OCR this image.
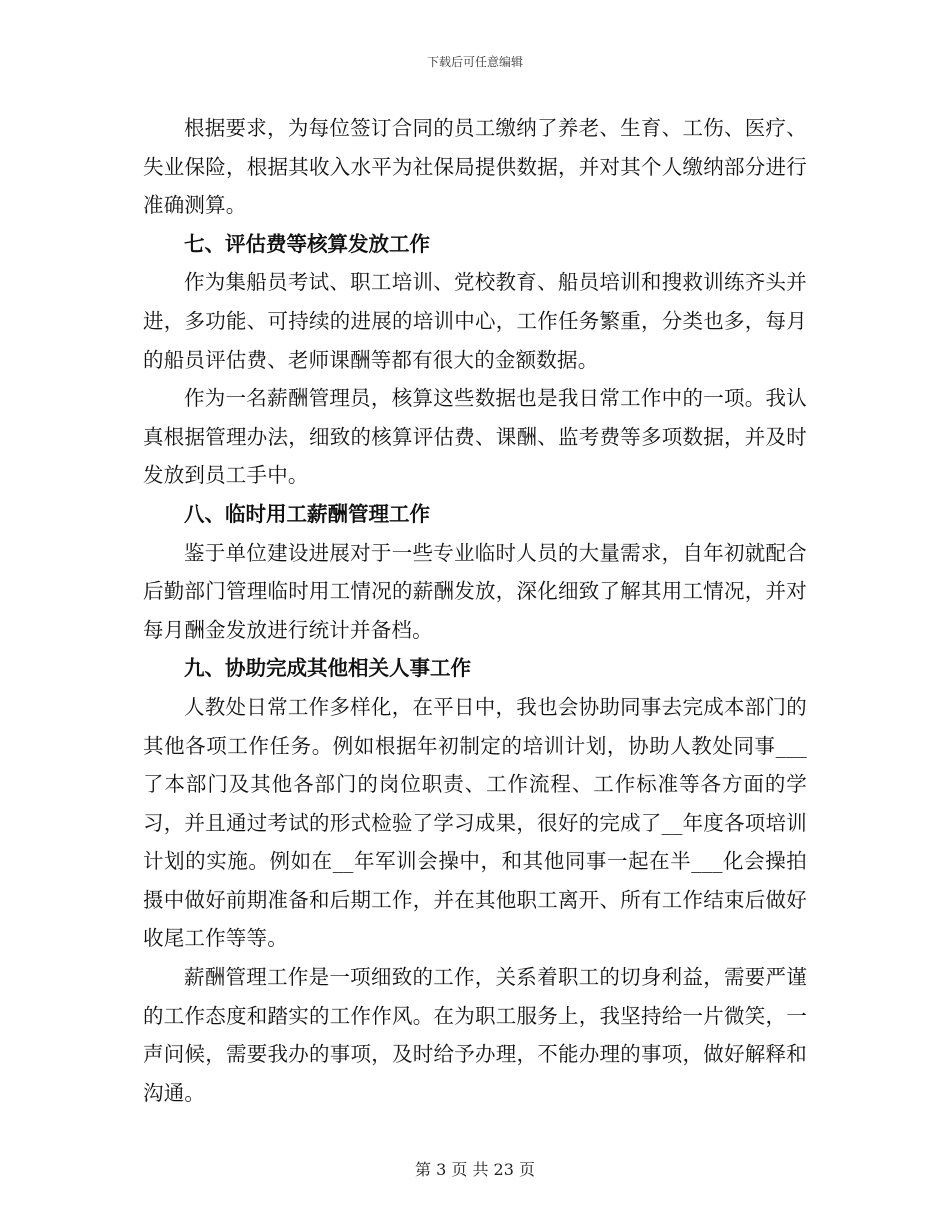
下载后可任意编辑

根据要求，为每位签订合同的员工缴纳了养老、生育、工伤、医疗、失业保险，根据其收入水平为社保局提供数据，并对其个人缴纳部分进行准确测算。

七、评估费等核算发放工作

作为集船员考试、职工培训、党校教育、船员培训和搜救训练齐头并进，多功能、可持续的进展的培训中心，工作任务繁重，分类也多，每月的船员评估费、老师课酬等都有很大的金额数据。

作为一名薪酬管理员，核算这些数据也是我日常工作中的一项。我认真根据管理办法，细致的核算评估费、课酬、监考费等多项数据，并及时发放到员工手中。

八、临时用工薪酬管理工作

鉴于单位建设进展对于一些专业临时人员的大量需求，自年初就配合后勤部门管理临时用工情况的薪酬发放，深化细致了解其用工情况，并对每月酬金发放进行统计并备档。

九、协助完成其他相关人事工作

人教处日常工作多样化，在平日中，我也会协助同事去完成本部门的其他各项工作任务。例如根据年初制定的培训计划，协助人教处同事___了本部门及其他各部门的岗位职责、工作流程、工作标准等各方面的学习，并且通过考试的形式检验了学习成果，很好的完成了__年度各项培训计划的实施。例如在__年军训会操中，和其他同事一起在半___化会操拍摄中做好前期准备和后期工作，并在其他职工离开、所有工作结束后做好收尾工作等等。

薪酬管理工作是一项细致的工作，关系着职工的切身利益，需要严谨的工作态度和踏实的工作作风。在为职工服务上，我坚持给一片微笑，一声问候，需要我办的事项，及时给予办理，不能办理的事项，做好解释和沟通。

第 3 页 共 23 页
